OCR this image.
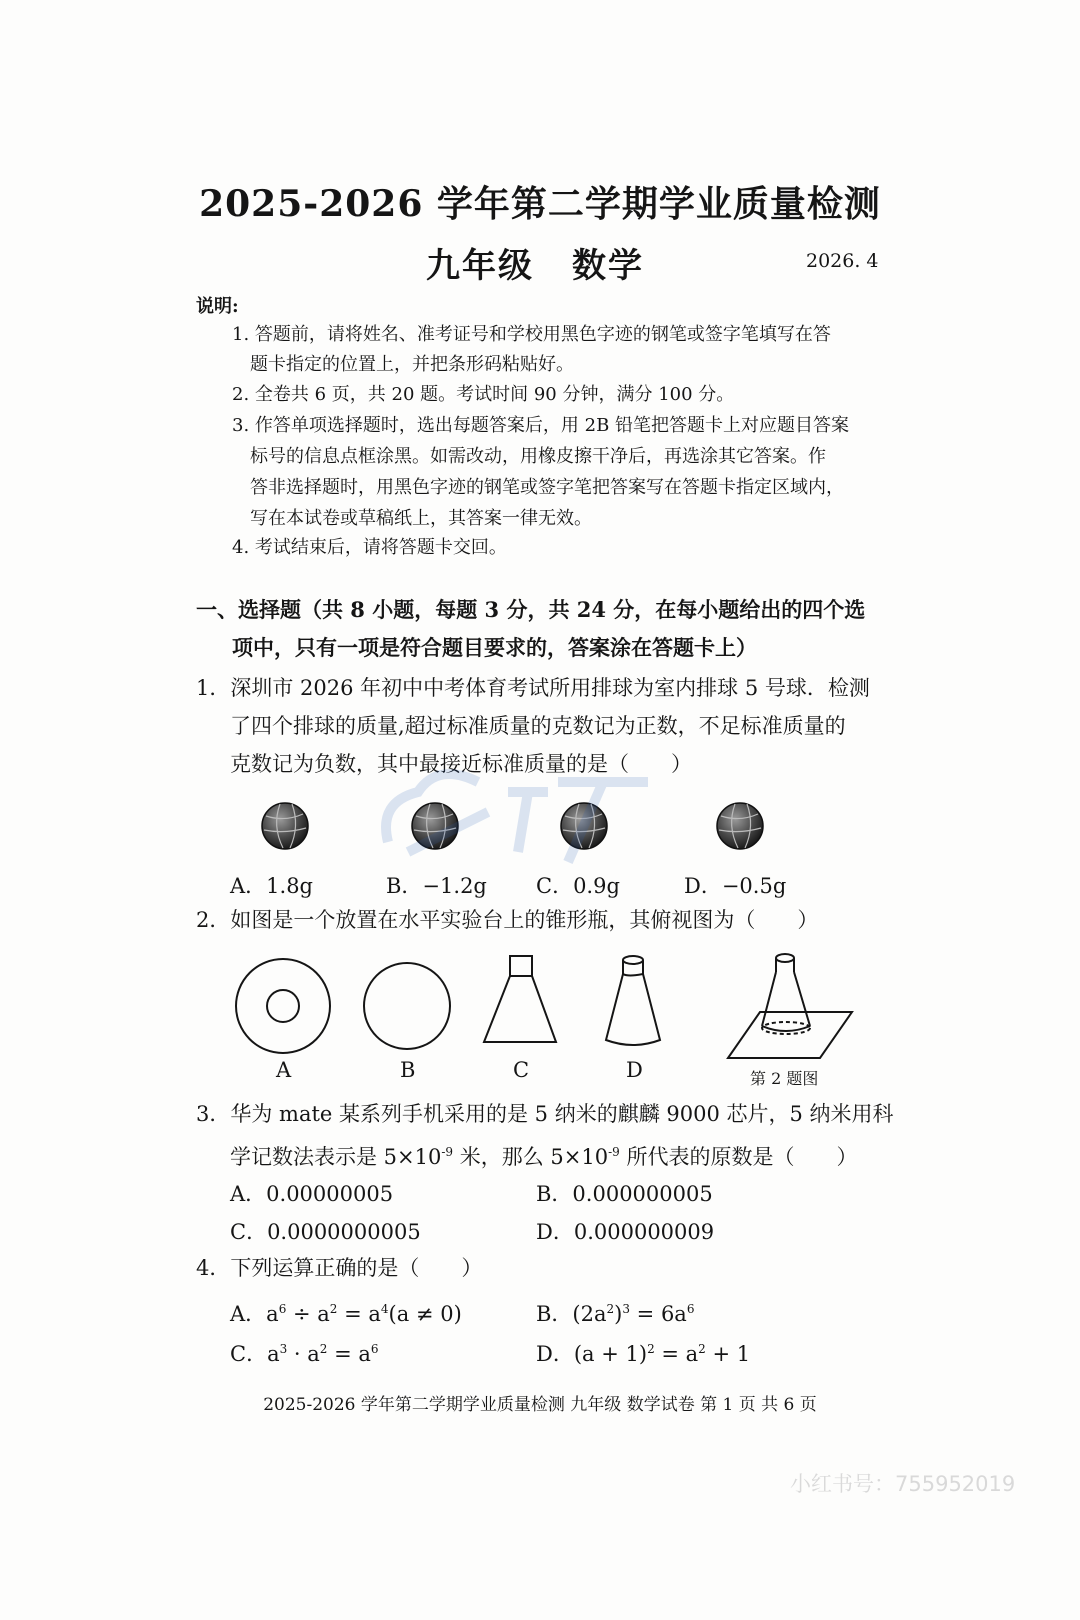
2025-2026 学年第二学期学业质量检测
九年级 数学	2026. 4
说明:
1. 答题前，请将姓名、准考证号和学校用黑色字迹的钢笔或签字笔填写在答
题卡指定的位置上，并把条形码粘贴好。
2. 全卷共 6 页，共 20 题。考试时间 90 分钟，满分 100 分。
3. 作答单项选择题时，选出每题答案后，用 2B 铅笔把答题卡上对应题目答案
标号的信息点框涂黑。如需改动，用橡皮擦干净后，再选涂其它答案。作
答非选择题时，用黑色字迹的钢笔或签字笔把答案写在答题卡指定区域内，
写在本试卷或草稿纸上，其答案一律无效。
4. 考试结束后，请将答题卡交回。
一、选择题（共 8 小题，每题 3 分，共 24 分，在每小题给出的四个选
项中，只有一项是符合题目要求的，答案涂在答题卡上）
1．深圳市 2026 年初中中考体育考试所用排球为室内排球 5 号球．检测
了四个排球的质量,超过标准质量的克数记为正数，不足标准质量的
克数记为负数，其中最接近标准质量的是（　　）
A．1.8g	B．−1.2g C．0.9g	D．−0.5g
2．如图是一个放置在水平实验台上的锥形瓶，其俯视图为（　　）
A	B	C	D	第 2 题图
3．华为 mate 某系列手机采用的是 5 纳米的麒麟 9000 芯片，5 纳米用科
学记数法表示是 $5\times 10^{-9}$ 米，那么 $5\times 10^{-9}$ 所代表的原数是（　　）
A．0.00000005	B．0.000000005
C．0.0000000005	D．0.000000009
4．下列运算正确的是（　　）
A．$a^6 \div a^2 = a^4(a \ne 0)$	B．$(2a^2)^3 = 6a^6$
C．$a^3 \cdot a^2 = a^6$	D．$(a + 1)^2 = a^2 + 1$
2025-2026 学年第二学期学业质量检测 九年级 数学试卷 第 1 页 共 6 页
小红书号：755952019
